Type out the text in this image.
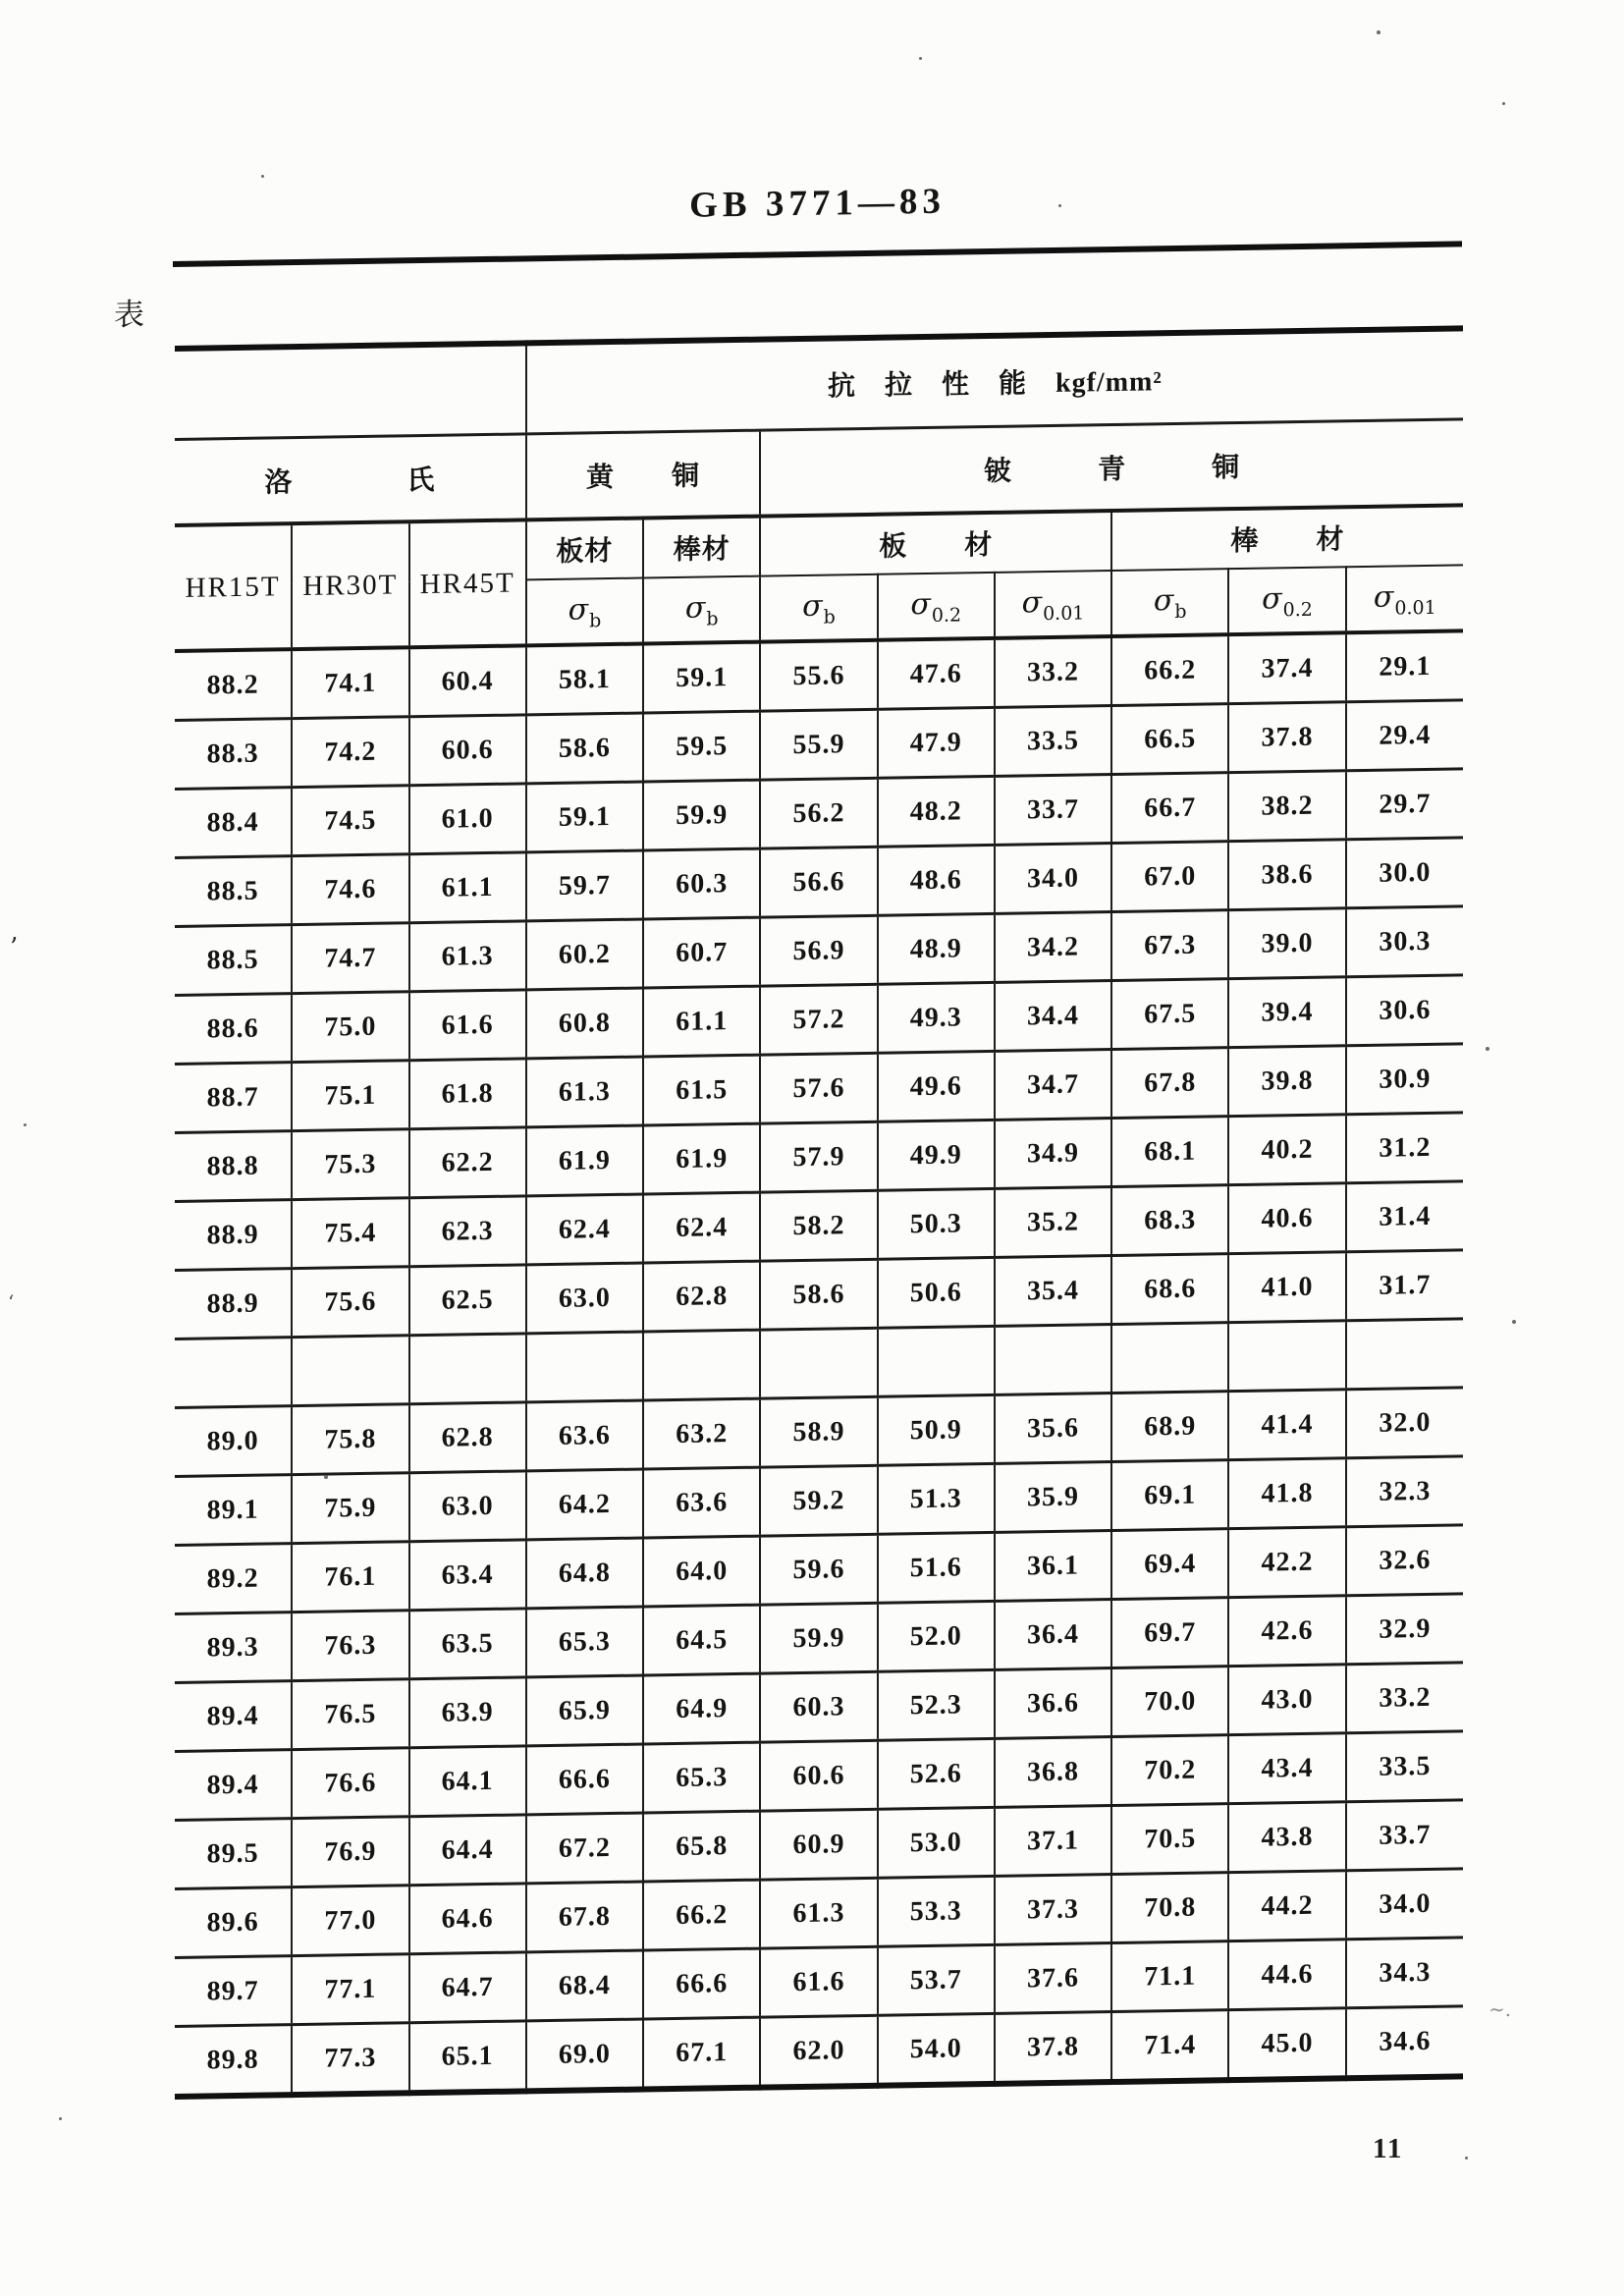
GB 3771—83
表
			抗　拉　性　能　kgf/mm²							
洛　　　　氏			黄　　铜		铍　　　青　　　铜					
HR15T	HR30T	HR45T	板材	棒材	板　　材			棒　　材		
			$\sigma_b$	$\sigma_b$	$\sigma_b$	$\sigma_{0.2}$	$\sigma_{0.01}$	$\sigma_b$	$\sigma_{0.2}$	$\sigma_{0.01}$
88.2	74.1	60.4	58.1	59.1	55.6	47.6	33.2	66.2	37.4	29.1
88.3	74.2	60.6	58.6	59.5	55.9	47.9	33.5	66.5	37.8	29.4
88.4	74.5	61.0	59.1	59.9	56.2	48.2	33.7	66.7	38.2	29.7
88.5	74.6	61.1	59.7	60.3	56.6	48.6	34.0	67.0	38.6	30.0
88.5	74.7	61.3	60.2	60.7	56.9	48.9	34.2	67.3	39.0	30.3
88.6	75.0	61.6	60.8	61.1	57.2	49.3	34.4	67.5	39.4	30.6
88.7	75.1	61.8	61.3	61.5	57.6	49.6	34.7	67.8	39.8	30.9
88.8	75.3	62.2	61.9	61.9	57.9	49.9	34.9	68.1	40.2	31.2
88.9	75.4	62.3	62.4	62.4	58.2	50.3	35.2	68.3	40.6	31.4
88.9	75.6	62.5	63.0	62.8	58.6	50.6	35.4	68.6	41.0	31.7

89.0	75.8	62.8	63.6	63.2	58.9	50.9	35.6	68.9	41.4	32.0
89.1	75.9	63.0	64.2	63.6	59.2	51.3	35.9	69.1	41.8	32.3
89.2	76.1	63.4	64.8	64.0	59.6	51.6	36.1	69.4	42.2	32.6
89.3	76.3	63.5	65.3	64.5	59.9	52.0	36.4	69.7	42.6	32.9
89.4	76.5	63.9	65.9	64.9	60.3	52.3	36.6	70.0	43.0	33.2
89.4	76.6	64.1	66.6	65.3	60.6	52.6	36.8	70.2	43.4	33.5
89.5	76.9	64.4	67.2	65.8	60.9	53.0	37.1	70.5	43.8	33.7
89.6	77.0	64.6	67.8	66.2	61.3	53.3	37.3	70.8	44.2	34.0
89.7	77.1	64.7	68.4	66.6	61.6	53.7	37.6	71.1	44.6	34.3
89.8	77.3	65.1	69.0	67.1	62.0	54.0	37.8	71.4	45.0	34.6
11
’
‘
∼.
